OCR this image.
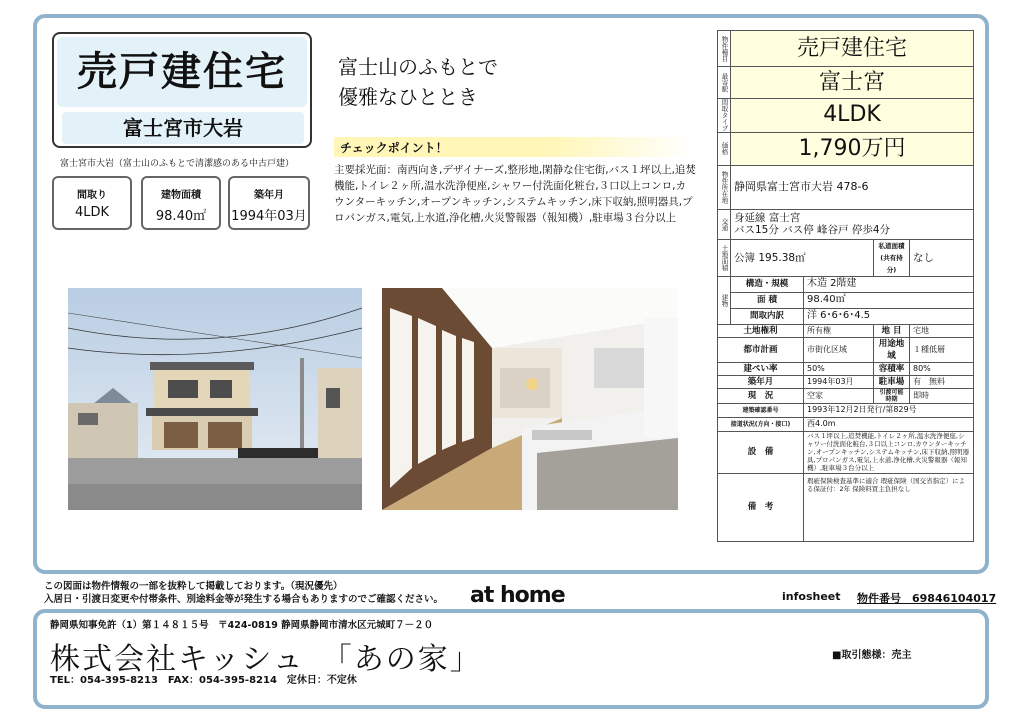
売戸建住宅
富士宮市大岩
富士宮市大岩（富士山のふもとで清潔感のある中古戸建）
間取り
4LDK
建物面積
98.40㎡
築年月
1994年03月
富士山のふもとで
優雅なひととき
チェックポイント！
主要採光面：南西向き,デザイナーズ,整形地,閑静な住宅街,バス１坪以上,追焚機能,トイレ２ヶ所,温水洗浄便座,シャワー付洗面化粧台,３口以上コンロ,カウンターキッチン,オープンキッチン,システムキッチン,床下収納,照明器具,プロパンガス,電気,上水道,浄化槽,火災警報器（報知機）,駐車場３台分以上
物件種目	売戸建住宅			
最寄駅	富士宮			
間取タイプ	4LDK			
価格	1,790万円			
物件所在地	静岡県富士宮市大岩 478-6			
交通	身延線 富士宮
バス15分 バス停 峰谷戸 停歩4分			

土地面積	公簿 195.38㎡		私道面積(共有持分)	なし
建物	構造・規模	木造 2階建		
	面 積	98.40㎡		
	間取内訳	洋 6･6･6･4.5		
土地権利		所有権	地 目	宅地
都市計画		市街化区域	用途地域	１種低層
建ぺい率		50%	容積率	80%
築年月		1994年03月	駐車場	有　無料
現　況		空家	引渡可能時期	即時
建築確認番号		1993年12月2日発行/第829号		
接道状況(方向・接口)		西4.0m		
設　備		バス１坪以上,追焚機能,トイレ２ヶ所,温水洗浄便座,シャワー付洗面化粧台,３口以上コンロ,カウンターキッチン,オープンキッチン,システムキッチン,床下収納,照明器具,プロパンガス,電気,上水道,浄化槽,火災警報器（報知機）,駐車場３台分以上		
備　考		瑕疵保険検査基準に適合 瑕疵保険（国交省指定）による保証付：2年 保険料買主負担なし		
この図面は物件情報の一部を抜粋して掲載しております。（現況優先）
入居日・引渡日変更や付帯条件、別途料金等が発生する場合もありますのでご確認ください。 at home	infosheet 物件番号　69846104017
静岡県知事免許（1）第１４８１５号　〒424-0819 静岡県静岡市清水区元城町７－２０
株式会社キッシュ　「あの家」
TEL：054-395-8213　FAX：054-395-8214　定休日：不定休
■取引態様：売主
